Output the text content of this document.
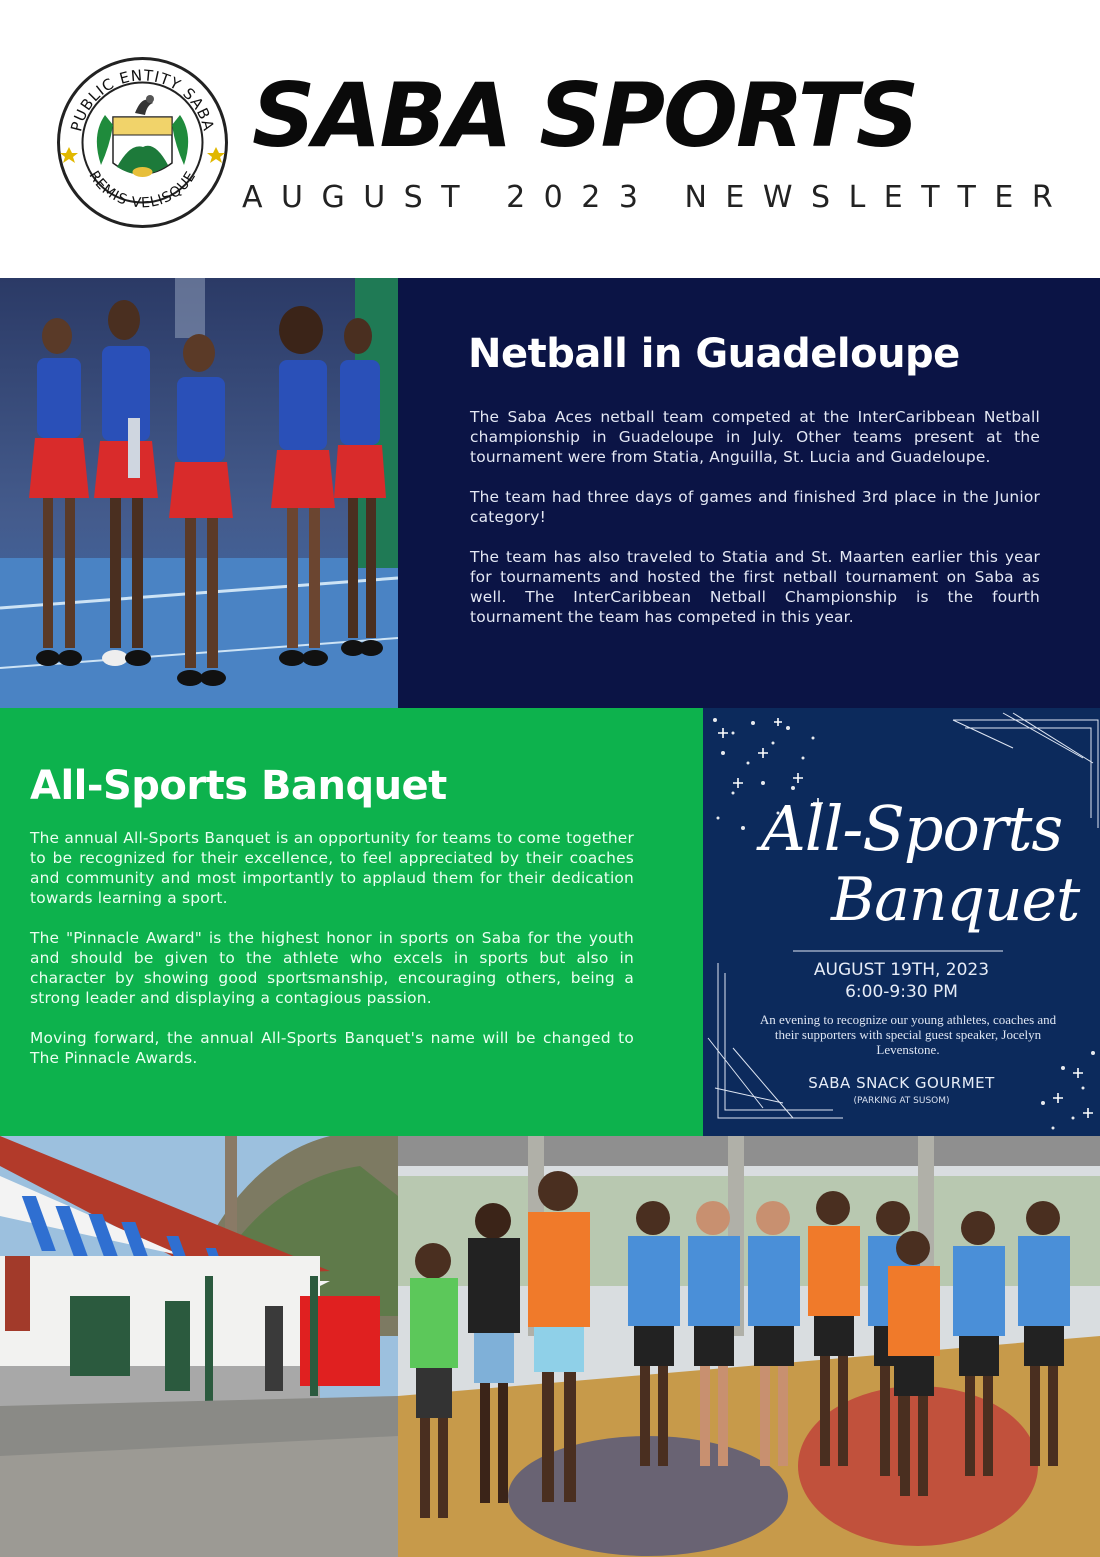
PUBLIC ENTITY SABA
REMIS VELISQUE
SABA SPORTS
AUGUST 2023 NEWSLETTER
Netball in Guadeloupe

The Saba Aces netball team competed at the InterCaribbean Netball championship in Guadeloupe in July. Other teams present at the tournament were from Statia, Anguilla, St. Lucia and Guadeloupe.

The team had three days of games and finished 3rd place in the Junior category!

The team has also traveled to Statia and St. Maarten earlier this year for tournaments and hosted the first netball tournament on Saba as well. The InterCaribbean Netball Championship is the fourth tournament the team has competed in this year.

All-Sports Banquet

The annual All-Sports Banquet is an opportunity for teams to come together to be recognized for their excellence, to feel appreciated by their coaches and community and most importantly to applaud them for their dedication towards learning a sport.

The "Pinnacle Award" is the highest honor in sports on Saba for the youth and should be given to the athlete who excels in sports but also in character by showing good sportsmanship, encouraging others, being a strong leader and displaying a contagious passion.

Moving forward, the annual All-Sports Banquet's name will be changed to The Pinnacle Awards.

All-Sports
Banquet
AUGUST 19TH, 2023
6:00-9:30 PM
An evening to recognize our young athletes, coaches and their supporters with special guest speaker, Jocelyn Levenstone.
SABA SNACK GOURMET
(PARKING AT SUSOM)
